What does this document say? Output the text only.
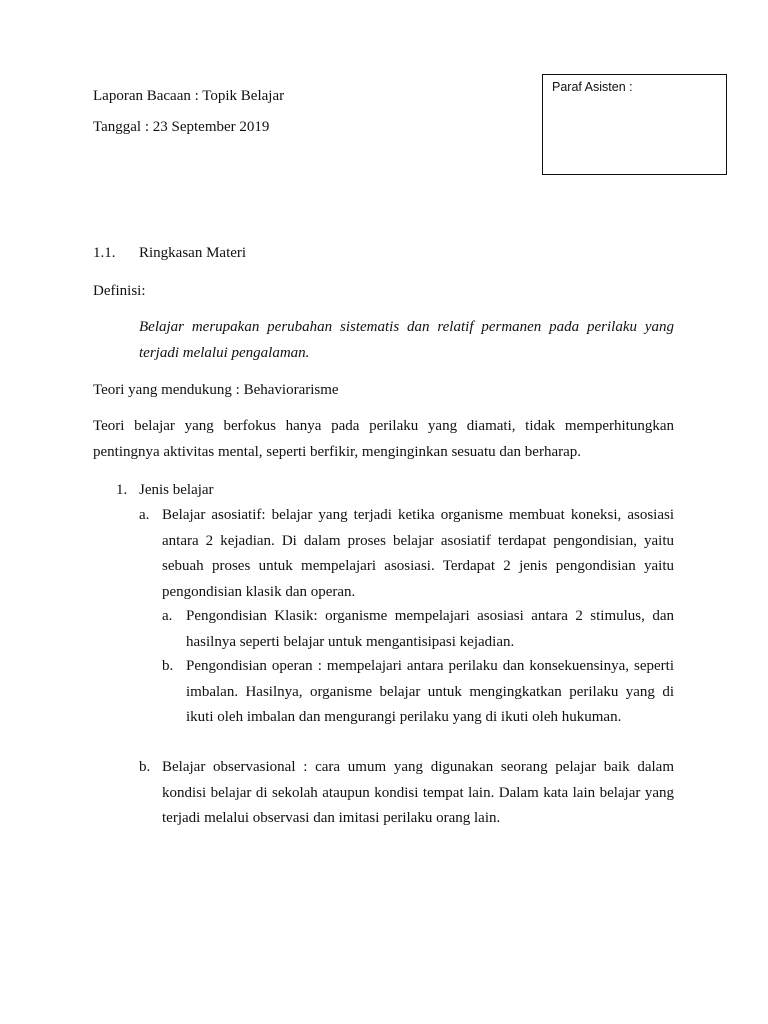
Laporan Bacaan : Topik Belajar
Tanggal : 23 September 2019
Paraf Asisten :
1.1. Ringkasan Materi
Definisi:
Belajar merupakan perubahan sistematis dan relatif permanen pada perilaku yang terjadi melalui pengalaman.
Teori yang mendukung : Behaviorarisme
Teori belajar yang berfokus hanya pada perilaku yang diamati, tidak memperhitungkan pentingnya aktivitas mental, seperti berfikir, menginginkan sesuatu dan berharap.
1. Jenis belajar
a. Belajar asosiatif: belajar yang terjadi ketika organisme membuat koneksi, asosiasi antara 2 kejadian. Di dalam proses belajar asosiatif terdapat pengondisian, yaitu sebuah proses untuk mempelajari asosiasi. Terdapat 2 jenis pengondisian yaitu pengondisian klasik dan operan.
a. Pengondisian Klasik: organisme mempelajari asosiasi antara 2 stimulus, dan hasilnya seperti belajar untuk mengantisipasi kejadian.
b. Pengondisian operan : mempelajari antara perilaku dan konsekuensinya, seperti imbalan. Hasilnya, organisme belajar untuk mengingkatkan perilaku yang di ikuti oleh imbalan dan mengurangi perilaku yang di ikuti oleh hukuman.
b. Belajar observasional : cara umum yang digunakan seorang pelajar baik dalam kondisi belajar di sekolah ataupun kondisi tempat lain. Dalam kata lain belajar yang terjadi melalui observasi dan imitasi perilaku orang lain.
